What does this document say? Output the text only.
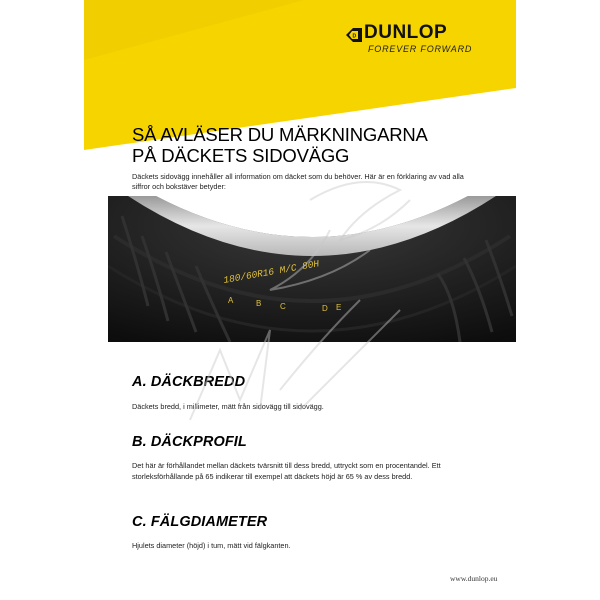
D DUNLOP
FOREVER FORWARD
SÅ AVLÄSER DU MÄRKNINGARNA
PÅ DÄCKETS SIDOVÄGG
Däckets sidovägg innehåller all information om däcket som du behöver. Här är en förklaring av vad alla siffror och bokstäver betyder:
180/60R16 M/C 80H
A	B C	D E
A. DÄCKBREDD
Däckets bredd, i millimeter, mätt från sidovägg till sidovägg.
B. DÄCKPROFIL
Det här är förhållandet mellan däckets tvärsnitt till dess bredd, uttryckt som en procentandel. Ett storleksförhållande på 65 indikerar till exempel att däckets höjd är 65 % av dess bredd.
C. FÄLGDIAMETER
Hjulets diameter (höjd) i tum, mätt vid fälgkanten.
www.dunlop.eu
